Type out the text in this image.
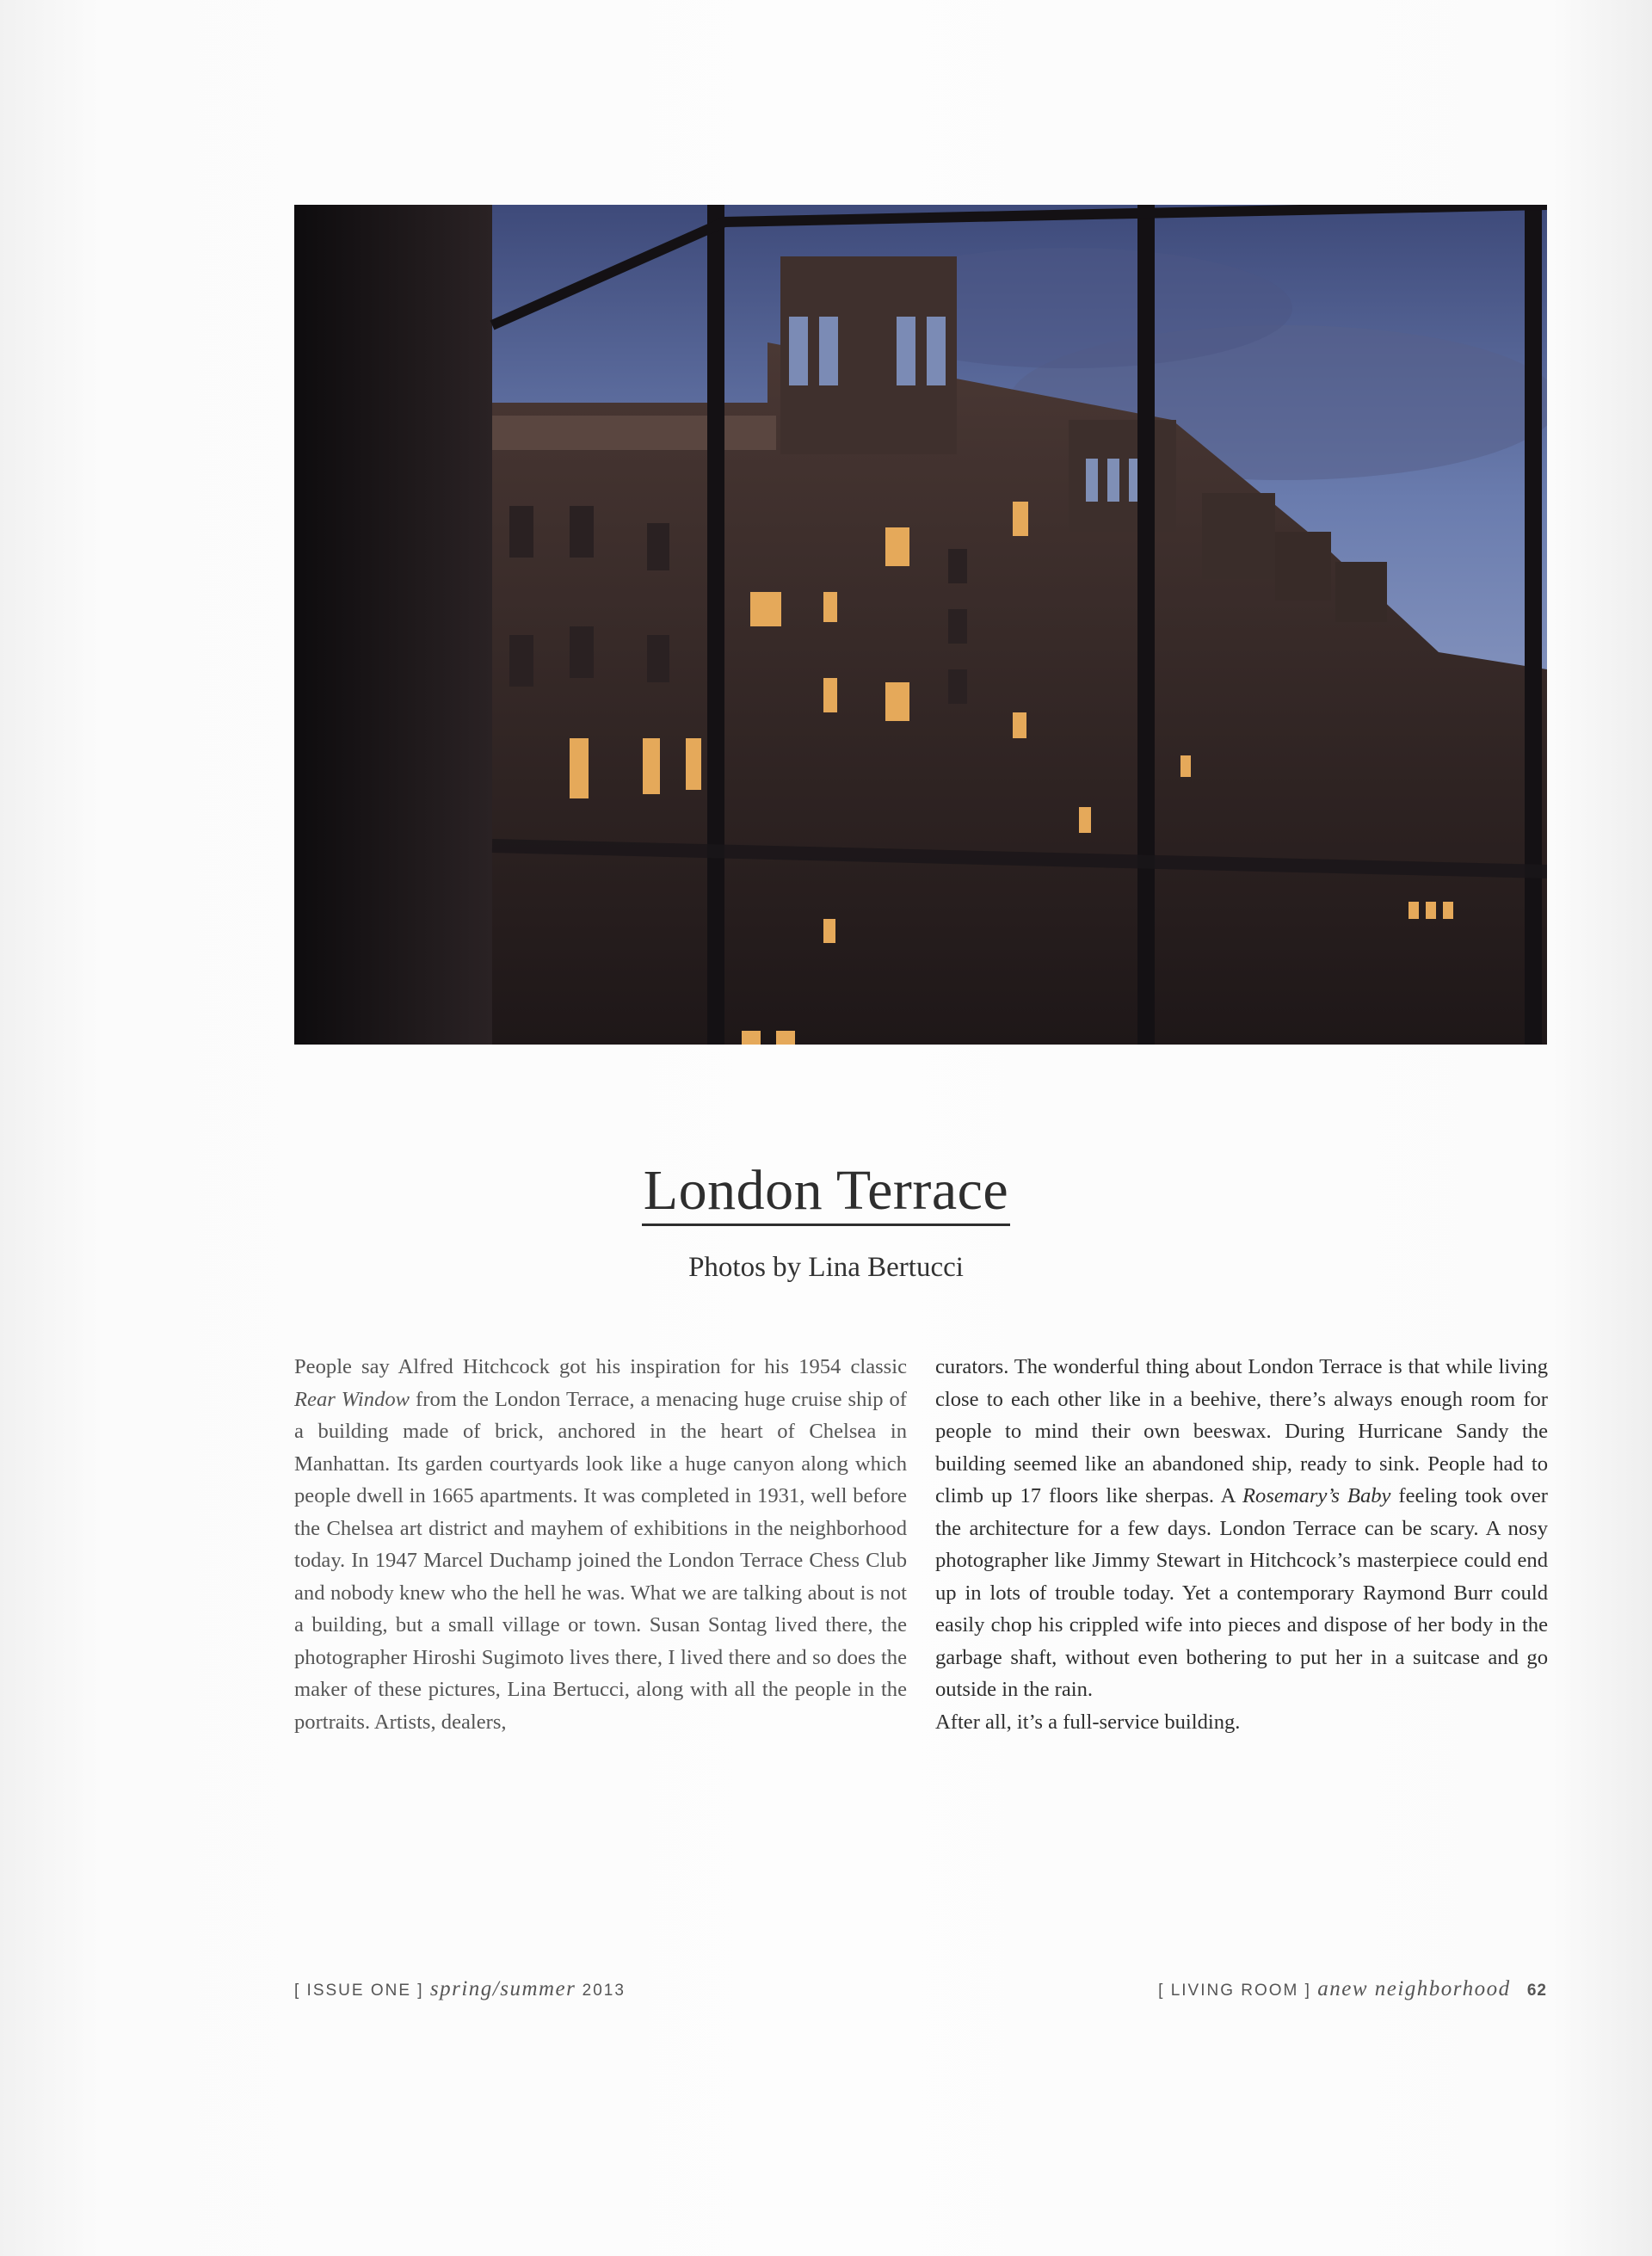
London Terrace
Photos by Lina Bertucci

People say Alfred Hitchcock got his inspiration for his 1954 classic Rear Window from the London Terrace, a menacing huge cruise ship of a building made of brick, anchored in the heart of Chelsea in Manhattan. Its garden courtyards look like a huge canyon along which people dwell in 1665 apartments. It was completed in 1931, well before the Chelsea art district and mayhem of exhibitions in the neighborhood today. In 1947 Marcel Duchamp joined the London Terrace Chess Club and nobody knew who the hell he was. What we are talking about is not a building, but a small village or town. Susan Sontag lived there, the photographer Hiroshi Sugimoto lives there, I lived there and so does the maker of these pictures, Lina Bertucci, along with all the people in the portraits. Artists, dealers,

curators. The wonderful thing about London Terrace is that while living close to each other like in a beehive, there’s always enough room for people to mind their own beeswax. During Hurricane Sandy the building seemed like an abandoned ship, ready to sink. People had to climb up 17 floors like sherpas. A Rosemary’s Baby feeling took over the architecture for a few days. London Terrace can be scary. A nosy photographer like Jimmy Stewart in Hitchcock’s masterpiece could end up in lots of trouble today. Yet a contemporary Raymond Burr could easily chop his crippled wife into pieces and dispose of her body in the garbage shaft, without even bothering to put her in a suitcase and go outside in the rain.

After all, it’s a full-service building.

[ ISSUE ONE ] spring/summer 2013	[ LIVING ROOM ] anew neighborhood 62
